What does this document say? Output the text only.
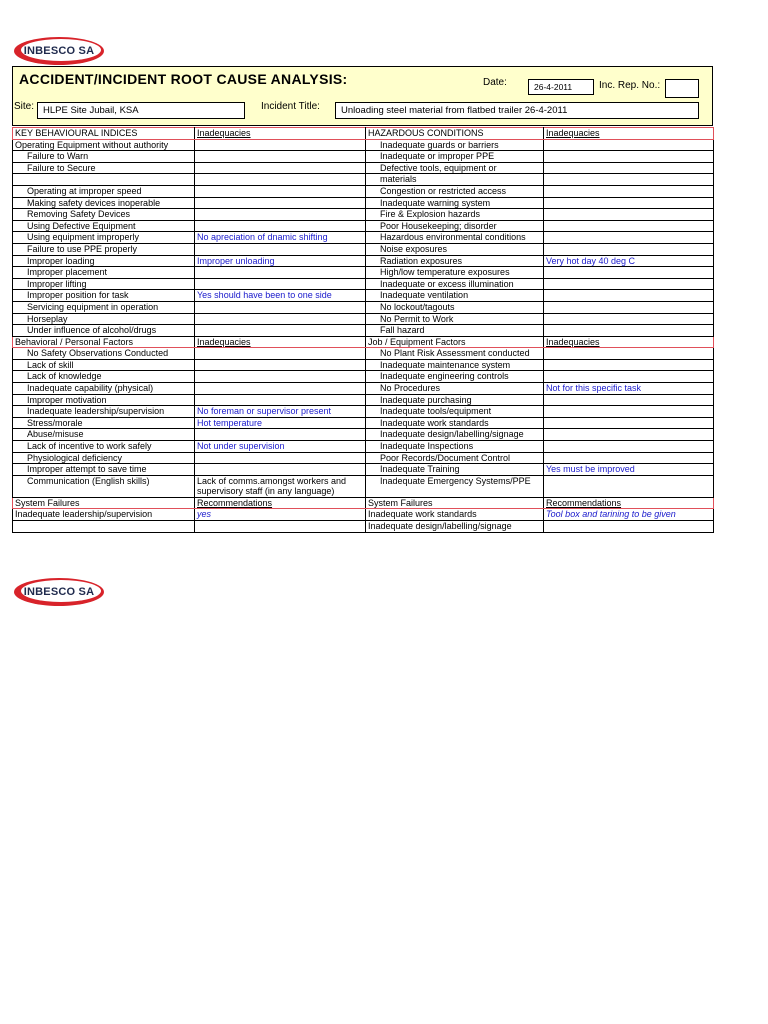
INBESCO SA
ACCIDENT/INCIDENT ROOT CAUSE ANALYSIS:	Date:	26-4-2011	Inc. Rep. No.:
Site: HLPE Site Jubail, KSA	Incident Title:	Unloading steel material from flatbed trailer 26-4-2011
KEY BEHAVIOURAL INDICES	Inadequacies	HAZARDOUS CONDITIONS	Inadequacies
Operating Equipment without authority		Inadequate guards or barriers	
Failure to Warn		Inadequate or improper PPE	
Failure to Secure		Defective tools, equipment or	
		materials	
Operating at improper speed		Congestion or restricted access	
Making safety devices inoperable		Inadequate warning system	
Removing Safety Devices		Fire & Explosion hazards	
Using Defective Equipment		Poor Housekeeping; disorder	
Using equipment improperly	No apreciation of dnamic shifting	Hazardous environmental conditions	
Failure to use PPE properly		Noise exposures	
Improper loading	Improper unloading	Radiation exposures	Very hot day 40 deg C
Improper placement		High/low temperature exposures	
Improper lifting		Inadequate or excess illumination	
Improper position for task	Yes should have been to one side	Inadequate ventilation	
Servicing equipment in operation		No lockout/tagouts	
Horseplay		No Permit to Work	
Under influence of alcohol/drugs		Fall hazard	
Behavioral / Personal Factors	Inadequacies	Job / Equipment Factors	Inadequacies
No Safety Observations Conducted		No Plant Risk Assessment conducted	
Lack of skill		Inadequate maintenance system	
Lack of knowledge		Inadequate engineering controls	
Inadequate capability (physical)		No Procedures	Not for this specific task
Improper motivation		Inadequate purchasing	
Inadequate leadership/supervision	No foreman or supervisor present	Inadequate tools/equipment	
Stress/morale	Hot temperature	Inadequate work standards	
Abuse/misuse		Inadequate design/labelling/signage	
Lack of incentive to work safely	Not under supervision	Inadequate Inspections	
Physiological deficiency		Poor Records/Document Control	
Improper attempt to save time		Inadequate Training	Yes must be improved
Communication (English skills)	Lack of comms.amongst workers and supervisory staff (in any language)	Inadequate Emergency Systems/PPE	
System Failures	Recommendations	System Failures	Recommendations
Inadequate leadership/supervision	yes	Inadequate work standards	Tool box and tarining to be given
		Inadequate design/labelling/signage	
INBESCO SA
